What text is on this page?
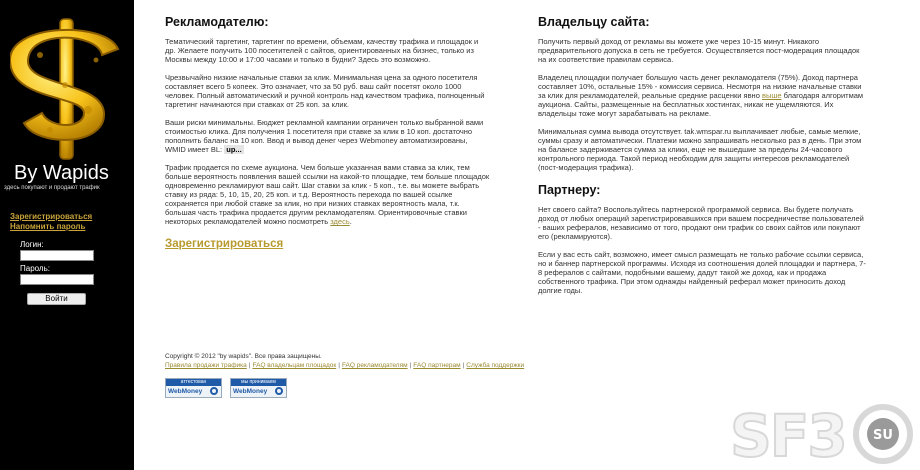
By Wapids
здесь покупают и продают трафик
Зарегистрироваться
Напомнить пароль
Логин:
Пароль:
Войти
Рекламодателю:

Тематический таргетинг, таргетинг по времени, объемам, качеству трафика и площадок и др. Желаете получить 100 посетителей с сайтов, ориентированных на бизнес, только из Москвы между 10:00 и 17:00 часами и только в будни? Здесь это возможно.

Чрезвычайно низкие начальные ставки за клик. Минимальная цена за одного посетителя составляет всего 5 копеек. Это означает, что за 50 руб. ваш сайт посетят около 1000 человек. Полный автоматический и ручной контроль над качеством трафика, полноценный таргетинг начинаются при ставках от 25 коп. за клик.

Ваши риски минимальны. Бюджет рекламной кампании ограничен только выбранной вами стоимостью клика. Для получения 1 посетителя при ставке за клик в 10 коп. достаточно пополнить баланс на 10 коп. Ввод и вывод денег через Webmoney автоматизированы, WMID имеет BL: up...

Трафик продается по схеме аукциона. Чем больше указанная вами ставка за клик, тем больше вероятность появления вашей ссылки на какой-то площадке, тем больше площадок одновременно рекламируют ваш сайт. Шаг ставки за клик - 5 коп., т.е. вы можете выбрать ставку из ряда: 5, 10, 15, 20, 25 коп. и т.д. Вероятность перехода по вашей ссылке сохраняется при любой ставке за клик, но при низких ставках вероятность мала, т.к. большая часть трафика продается другим рекламодателям. Ориентировочные ставки некоторых рекламодателей можно посмотреть здесь.

Зарегистрироваться
Владельцу сайта:

Получить первый доход от рекламы вы можете уже через 10-15 минут. Никакого предварительного допуска в сеть не требуется. Осуществляется пост-модерация площадок на их соответствие правилам сервиса.

Владелец площадки получает большую часть денег рекламодателя (75%). Доход партнера составляет 10%, остальные 15% - комиссия сервиса. Несмотря на низкие начальные ставки за клик для рекламодателей, реальные средние расценки явно выше благодаря алгоритмам аукциона. Сайты, размещенные на бесплатных хостингах, никак не ущемляются. Их владельцы тоже могут зарабатывать на рекламе.

Минимальная сумма вывода отсутствует. tak.wmspar.ru выплачивает любые, самые мелкие, суммы сразу и автоматически. Платежи можно запрашивать несколько раз в день. При этом на балансе задерживается сумма за клики, еще не вышедшие за пределы 24-часового контрольного периода. Такой период необходим для защиты интересов рекламодателей (пост-модерация трафика).

Партнеру:

Нет своего сайта? Воспользуйтесь партнерской программой сервиса. Вы будете получать доход от любых операций зарегистрировавшихся при вашем посредничестве пользователей - ваших рефералов, независимо от того, продают они трафик со своих сайтов или покупают его (рекламируются).

Если у вас есть сайт, возможно, имеет смысл размещать не только рабочие ссылки сервиса, но и баннер партнерской программы. Исходя из соотношения долей площадки и партнера, 7-8 рефералов с сайтами, подобными вашему, дадут такой же доход, как и продажа собственного трафика. При этом однажды найденный реферал может приносить доход долгие годы.

Copyright © 2012 "by wapids". Все права защищены.
Правила продажи трафика | FAQ владельцам площадок | FAQ рекламодателям | FAQ партнерам | Служба поддержки
аттестован
WebMoney
мы принимаем
WebMoney
SF3 SU
